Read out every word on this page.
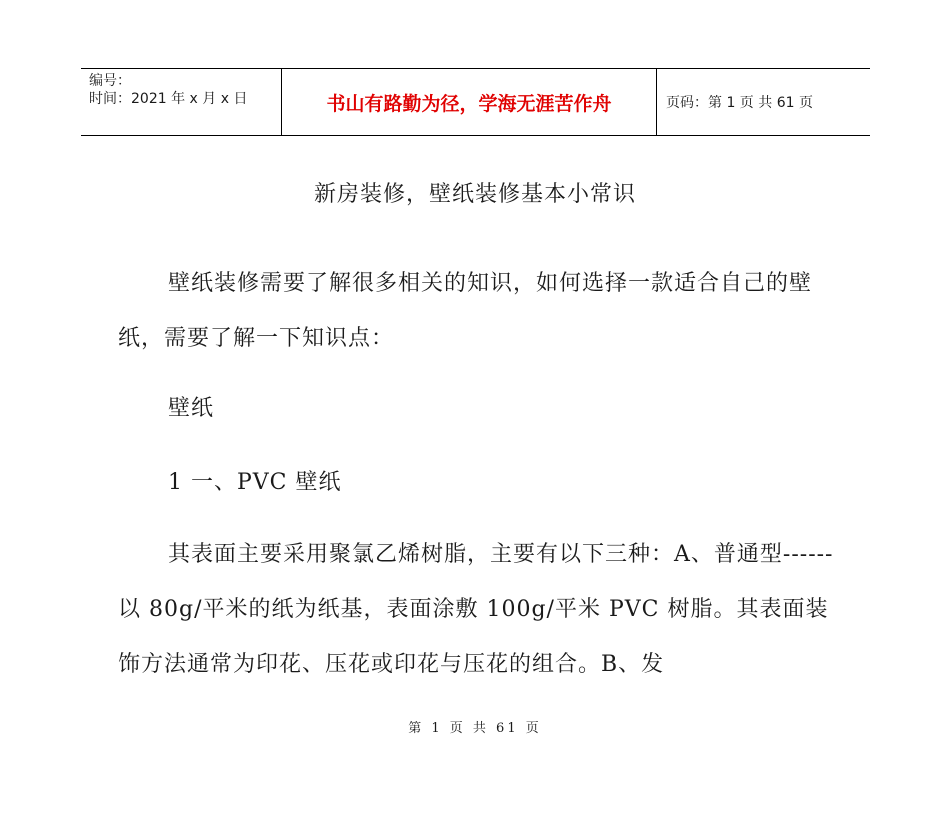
编号：
时间：2021 年 x 月 x 日	书山有路勤为径，学海无涯苦作舟	页码：第 1 页 共 61 页
新房装修，壁纸装修基本小常识
壁纸装修需要了解很多相关的知识，如何选择一款适合自己的壁纸，需要了解一下知识点：
壁纸
1 一、PVC 壁纸
其表面主要采用聚氯乙烯树脂，主要有以下三种：A、普通型------以 80g/平米的纸为纸基，表面涂敷 100g/平米 PVC 树脂。其表面装饰方法通常为印花、压花或印花与压花的组合。B、发
第 1 页 共 61 页
